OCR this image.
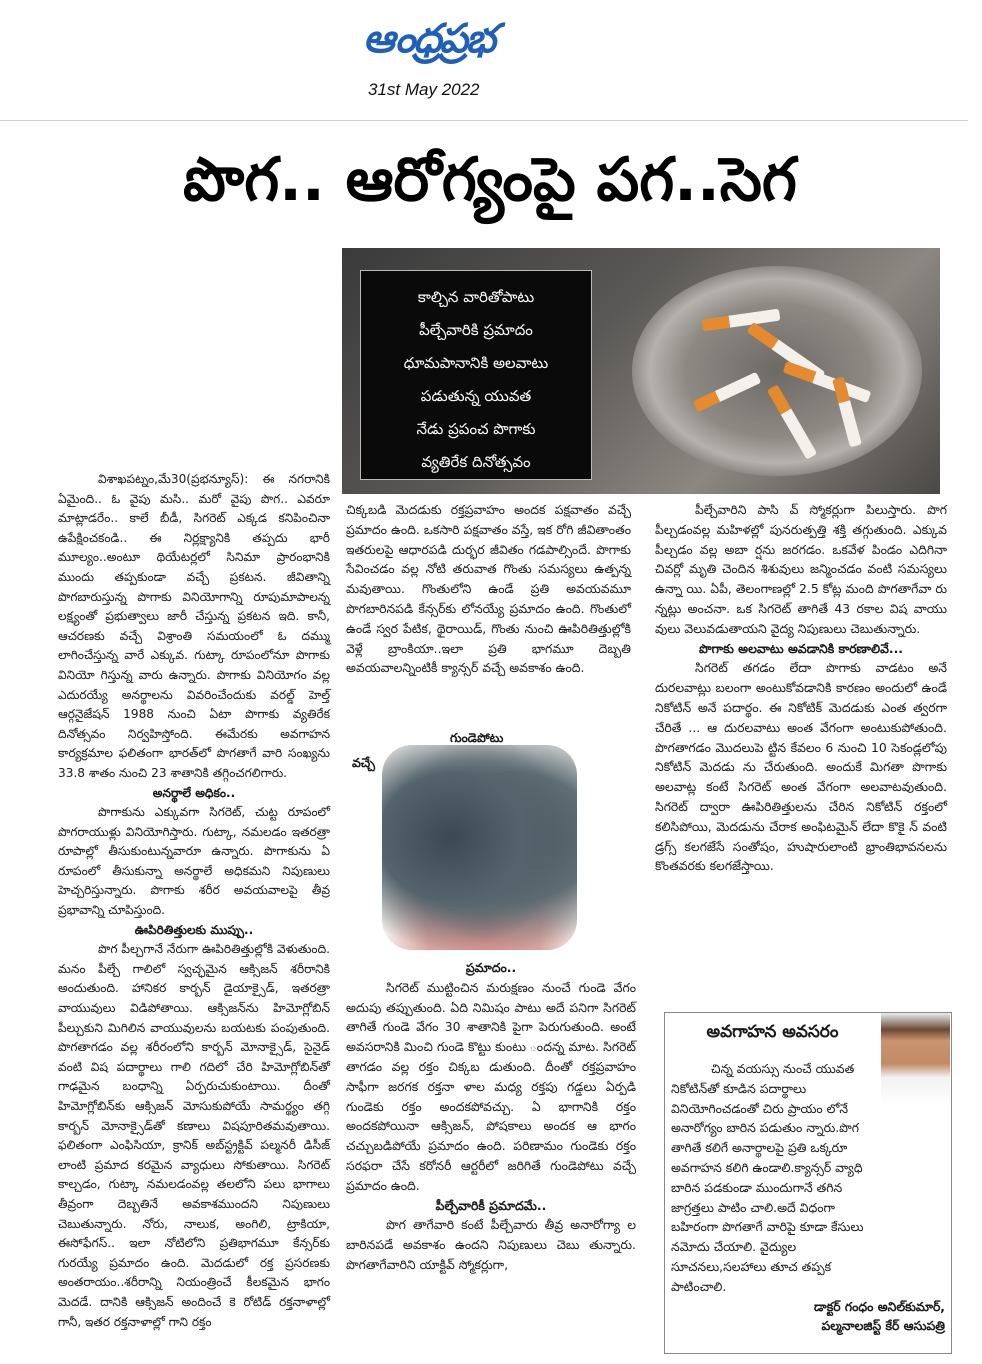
ఆంధ్రప్రభ
31st May 2022
పొగ.. ఆరోగ్యంపై పగ..సెగ

విశాఖపట్నం,మే30(ప్రభన్యూస్): ఈ నగరానికి ఏమైంది.. ఓ వైపు మసి.. మరో వైపు పొగ.. ఎవరూ మాట్లాడరేం.. కాలే బీడీ, సిగరెట్ ఎక్కడ కనిపించినా ఉపేక్షించకండి.. ఈ నిర్లక్ష్యానికి తప్పదు భారీ మూల్యం..అంటూ థియేటర్లలో సినిమా ప్రారంభానికి ముందు తప్పకుండా వచ్చే ప్రకటన. జీవితాన్ని పొగబారుస్తున్న పొగాకు వినియోగాన్ని రూపుమాపాలన్న లక్ష్యంతో ప్రభుత్వాలు జారీ చేస్తున్న ప్రకటన ఇది. కానీ, ఆచరణకు వచ్చే విశ్రాంతి సమయంలో ఓ దమ్ము లాగించేస్తున్న వారే ఎక్కువ. గుట్కా రూపంలోనూ పొగాకు వినియో గిస్తున్న వారు ఉన్నారు. పొగాకు వినియోగం వల్ల ఎదురయ్యే అనర్థాలను వివరించేందుకు వరల్డ్ హెల్త్ ఆర్గనైజేషన్ 1988 నుంచి ఏటా పొగాకు వ్యతిరేక దినోత్సవం నిర్వహిస్తోంది. ఈమేరకు అవగాహన కార్యక్రమాల ఫలితంగా భారత్‌లో పొగతాగే వారి సంఖ్యను 33.8 శాతం నుంచి 23 శాతానికి తగ్గించగలిగారు.

అనర్థాలే అధికం..

పొగాకును ఎక్కువగా సిగరెట్, చుట్ట రూపంలో పొగరాయుళ్లు వినియోగిస్తారు. గుట్కా, నమలడం ఇతరత్రా రూపాల్లో తీసుకుంటున్నవారూ ఉన్నారు. పొగాకును ఏ రూపంలో తీసుకున్నా అనర్థాలే అధికమని నిపుణులు హెచ్చరిస్తున్నారు. పొగాకు శరీర అవయవాలపై తీవ్ర ప్రభావాన్ని చూపిస్తుంది.

ఊపిరితిత్తులకు ముప్పు..

పొగ పీల్చగానే నేరుగా ఊపిరితిత్తుల్లోకి వెళుతుంది. మనం పీల్చే గాలిలో స్వచ్ఛమైన ఆక్సిజన్ శరీరానికి అందుతుంది. హానికర కార్బన్ డైయాక్సైడ్, ఇతరత్రా వాయువులు విడిపోతాయి. ఆక్సిజన్‌ను హిమోగ్లోబిన్ పీల్చుకుని మిగిలిన వాయువులను బయటకు పంపుతుంది. పొగతాగడం వల్ల శరీరంలోని కార్బన్ మోనాక్సైడ్, సైనైడ్ వంటి విష పదార్థాలు గాలి గదిలో చేరి హిమోగ్లోబిన్‌తో గాఢమైన బంధాన్ని ఏర్పరుచుకుంటాయి. దీంతో హిమోగ్లోబిన్‌కు ఆక్సిజన్ మోసుకుపోయే సామర్థ్యం తగ్గి కార్బన్ మోనాక్సైడ్‌తో కణాలు విషపూరితమవుతాయి. ఫలితంగా ఎంఫిసియా, క్రానిక్ అబ్‌స్ట్రక్టివ్ పల్మనరీ డిసీజ్ లాంటి ప్రమాద కరమైన వ్యాధులు సోకుతాయి. సిగరెట్ కాల్చడం, గుట్కా నమలడంవల్ల తలలోని పలు భాగాలు తీవ్రంగా దెబ్బతినే అవకాశముందని నిపుణులు చెబుతున్నారు. నోరు, నాలుక, అంగిలి, ట్రాకియా, ఈసోఫేగస్.. ఇలా నోటిలోని ప్రతిభాగమూ కేన్సర్‌కు గురయ్యే ప్రమాదం ఉంది. మెదడులో రక్త ప్రసరణకు అంతరాయం..శరీరాన్ని నియంత్రించే కీలకమైన భాగం మెదడే. దానికి ఆక్సిజన్ అందించే కె రోటిడ్ రక్తనాళాల్లో గానీ, ఇతర రక్తనాళాల్లో గాని రక్తం

కాల్చిన వారితోపాటు
పీల్చేవారికి ప్రమాదం
ధూమపానానికి అలవాటు
పడుతున్న యువత
నేడు ప్రపంచ పొగాకు
వ్యతిరేక దినోత్సవం

చిక్కబడి మెదడుకు రక్తప్రవాహం అందక పక్షవాతం వచ్చే ప్రమాదం ఉంది. ఒకసారి పక్షవాతం వస్తే, ఇక రోగి జీవితాంతం ఇతరులపై ఆధారపడి దుర్భర జీవితం గడపాల్సిందే. పొగాకు సేవించడం వల్ల నోటి తరువాత గొంతు సమస్యలు ఉత్పన్న మవుతాయి. గొంతులోని ఉండే ప్రతి అవయవమూ పొగబారినపడి కేన్సర్‌కు లోనయ్యే ప్రమాదం ఉంది. గొంతులో ఉండే స్వర పేటిక, థైరాయిడ్, గొంతు నుంచి ఊపిరితిత్తుల్లోకి వెళ్లే బ్రాంకియా..ఇలా ప్రతి భాగమూ దెబ్బతి అవయవాలన్నింటికీ క్యాన్సర్ వచ్చే అవకాశం ఉంది.

గుండెపోటు
వచ్చే

ప్రమాదం..

సిగరెట్ ముట్టించిన మరుక్షణం నుంచే గుండె వేగం అదుపు తప్పుతుంది. ఏది నిమిషం పాటు అదే పనిగా సిగరెట్ తాగితే గుండె వేగం 30 శాతానికి పైగా పెరుగుతుంది. అంటే అవసరానికి మించి గుండె కొట్టు కుంటు ందన్న మాట. సిగరెట్ తాగడం వల్ల రక్తం చిక్కబ డుతుంది. దీంతో రక్తప్రవాహం సాఫీగా జరగక రక్తనా ళాల మధ్య రక్తపు గడ్డలు ఏర్పడి గుండెకు రక్తం అందకపోవచ్చు. ఏ భాగానికి రక్తం అందకపోయినా ఆక్సిజన్, పోషకాలు అందక ఆ భాగం చచ్చుబడిపోయే ప్రమాదం ఉంది. పరిణామం గుండెకు రక్తం సరఫరా చేసే కరోనరీ ఆర్టరీలో జరిగితే గుండెపోటు వచ్చే ప్రమాదం ఉంది.

పీల్చేవారికీ ప్రమాదమే..

పొగ తాగేవారి కంటే పీల్చేవారు తీవ్ర అనారోగ్యా ల బారినపడే అవకాశం ఉందని నిపుణులు చెబు తున్నారు. పొగతాగేవారిని యాక్టివ్ స్మోకర్లుగా,

పీల్చేవారిని పాసి వ్ స్మోకర్లుగా పిలుస్తారు. పొగ పీల్చడంవల్ల మహిళల్లో పునరుత్పత్తి శక్తి తగ్గుతుంది. ఎక్కువ పీల్చడం వల్ల అబా ర్షను జరగడం. ఒకవేళ పిండం ఎదిగినా చివర్లో మృతి చెందిన శిశువులు జన్మించడం వంటి సమస్యలు ఉన్నా యి. ఏపీ, తెలంగాణల్లో 2.5 కోట్ల మంది పొగతాగేవా రు న్నట్లు అంచనా. ఒక సిగరెట్ తాగితే 43 రకాల విష వాయు వులు వెలువడుతాయని వైద్య నిపుణులు చెబుతున్నారు.

పొగాకు అలవాటు అవడానికి కారణాలివే...

సిగరెట్ తగడం లేదా పొగాకు వాడటం అనే దురలవాట్లు బలంగా అంటుకోవడానికి కారణం అందులో ఉండే నికోటిన్ అనే పదార్థం. ఈ నికోటిక్ మెదడుకు ఎంత త్వరగా చేరితే ... ఆ దురలవాటు అంత వేగంగా అంటుకుపోతుంది. పొగతాగడం మొదలుపె ట్టిన కేవలం 6 నుంచి 10 సెకండ్లలోపు నికోటిన్ మెదడు ను చేరుతుంది. అందుకే మిగతా పొగాకు అలవాట్ల కంటే సిగరెట్ అంత వేగంగా అలవాటవుతుంది. సిగరెట్ ద్వారా ఊపిరితిత్తులను చేరిన నికోటిన్ రక్తంలో కలిసిపోయి, మెదడును చేరాక అంఫిటమైన్ లేదా కొకై న్ వంటి డ్రగ్స్ కలగజేసే సంతోషం, హుషారులాంటి భ్రాంతిభావనలను కొంతవరకు కలగజేస్తాయి.

అవగాహన అవసరం

చిన్న వయస్సు నుంచే యువత నికోటిన్‌తో కూడిన పదార్థాలు వినియోగించడంతో చిరు ప్రాయం లోనే అనారోగ్యం బారిన పడుతుం న్నారు.పొగ తాగితే కలిగే అనార్థాలపై ప్రతి ఒక్కరూ అవగాహన కలిగి ఉండాలి.క్యాన్సర్ వ్యాధి బారిన పడకుండా ముందుగానే తగిన జాగ్రత్తలు పాటిం చాలి.అదే విధంగా బహిరంగా పొగతాగే వారిపై కూడా కేసులు నమోదు చేయాలి. వైద్యుల సూచనలు,సలహాలు తూచ తప్పక పాటించాలి.

డాక్టర్ గంధం అనిల్‌కుమార్,

పల్మనాలజిస్ట్ కేర్ ఆసుపత్రి
